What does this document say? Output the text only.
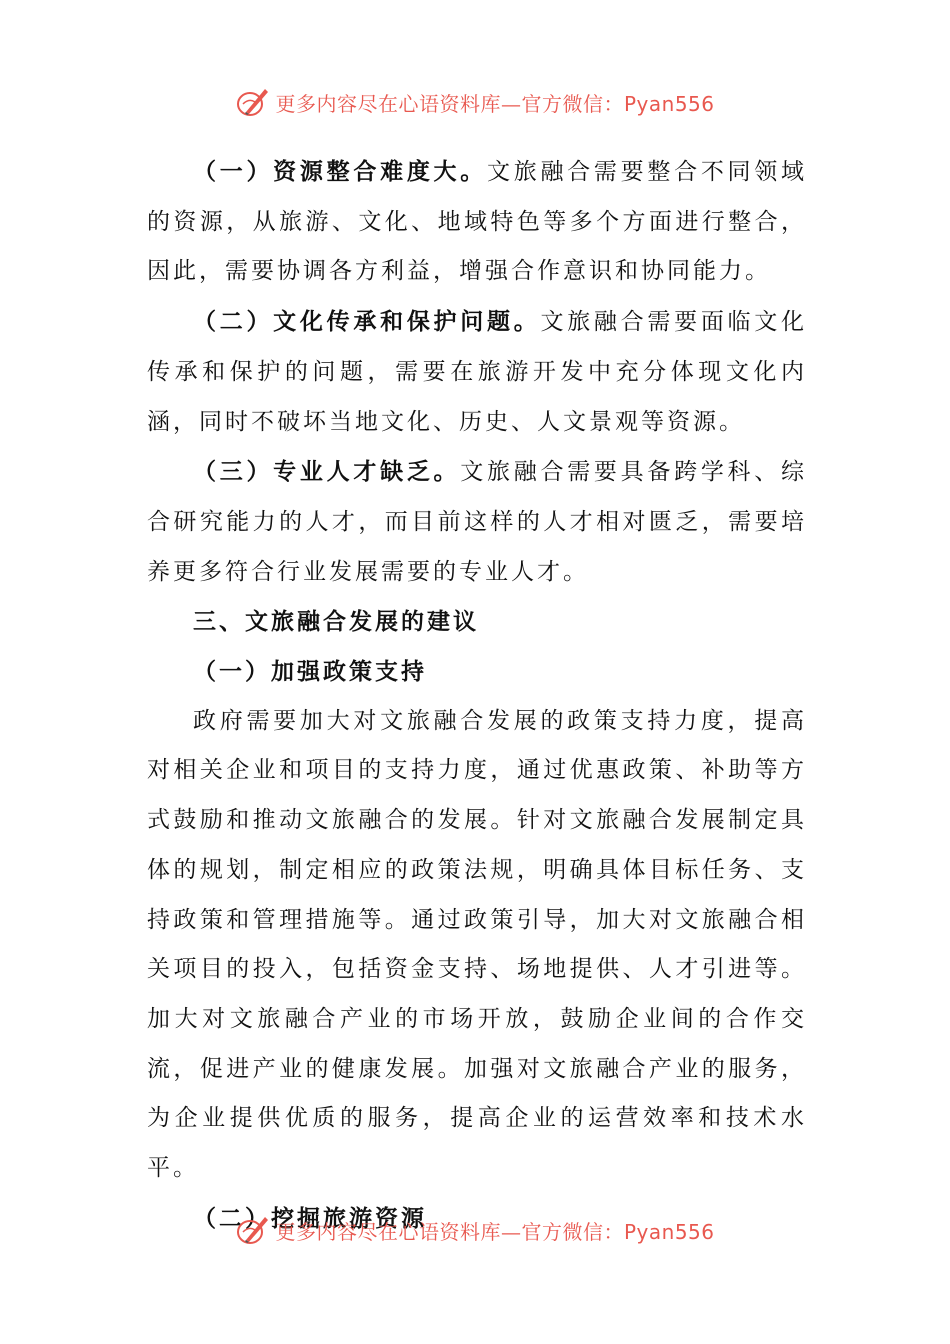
更多内容尽在心语资料库—官方微信：Pyan556

（一）资源整合难度大。文旅融合需要整合不同领域的资源，从旅游、文化、地域特色等多个方面进行整合，因此，需要协调各方利益，增强合作意识和协同能力。

（二）文化传承和保护问题。文旅融合需要面临文化传承和保护的问题，需要在旅游开发中充分体现文化内涵，同时不破坏当地文化、历史、人文景观等资源。

（三）专业人才缺乏。文旅融合需要具备跨学科、综合研究能力的人才，而目前这样的人才相对匮乏，需要培养更多符合行业发展需要的专业人才。

三、文旅融合发展的建议

（一）加强政策支持

政府需要加大对文旅融合发展的政策支持力度，提高对相关企业和项目的支持力度，通过优惠政策、补助等方式鼓励和推动文旅融合的发展。针对文旅融合发展制定具体的规划，制定相应的政策法规，明确具体目标任务、支持政策和管理措施等。通过政策引导，加大对文旅融合相关项目的投入，包括资金支持、场地提供、人才引进等。加大对文旅融合产业的市场开放，鼓励企业间的合作交流，促进产业的健康发展。加强对文旅融合产业的服务，为企业提供优质的服务，提高企业的运营效率和技术水平。

（二）挖掘旅游资源

更多内容尽在心语资料库—官方微信：Pyan556
